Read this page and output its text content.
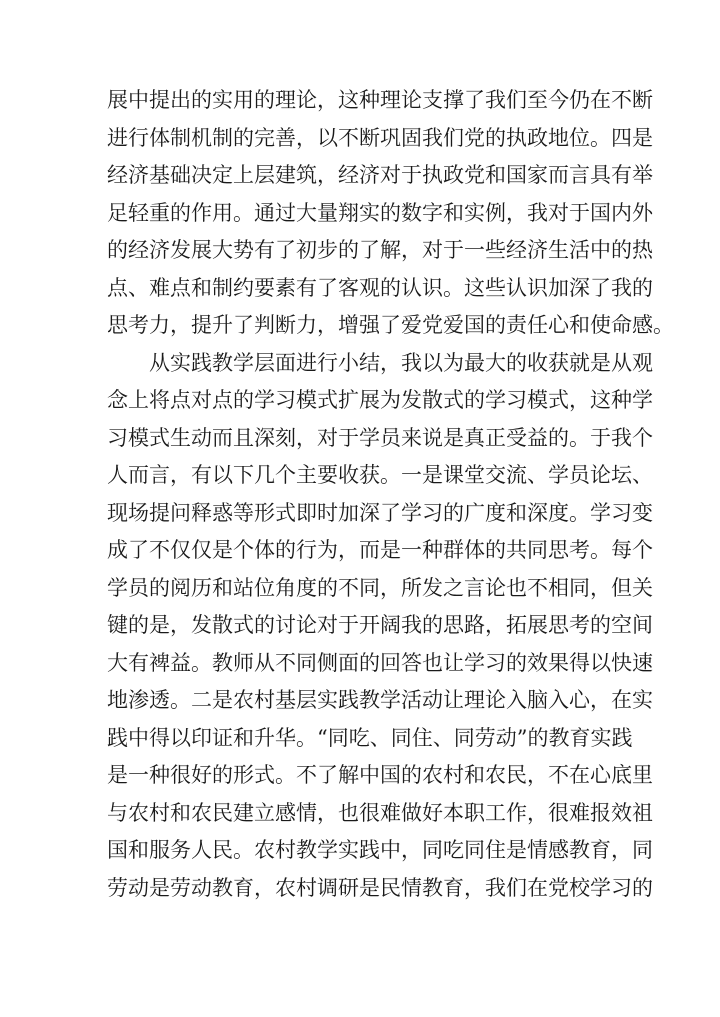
展中提出的实用的理论，这种理论支撑了我们至今仍在不断
进行体制机制的完善，以不断巩固我们党的执政地位。四是
经济基础决定上层建筑，经济对于执政党和国家而言具有举
足轻重的作用。通过大量翔实的数字和实例，我对于国内外
的经济发展大势有了初步的了解，对于一些经济生活中的热
点、难点和制约要素有了客观的认识。这些认识加深了我的
思考力，提升了判断力，增强了爱党爱国的责任心和使命感。
从实践教学层面进行小结，我以为最大的收获就是从观
念上将点对点的学习模式扩展为发散式的学习模式，这种学
习模式生动而且深刻，对于学员来说是真正受益的。于我个
人而言，有以下几个主要收获。一是课堂交流、学员论坛、
现场提问释惑等形式即时加深了学习的广度和深度。学习变
成了不仅仅是个体的行为，而是一种群体的共同思考。每个
学员的阅历和站位角度的不同，所发之言论也不相同，但关
键的是，发散式的讨论对于开阔我的思路，拓展思考的空间
大有裨益。教师从不同侧面的回答也让学习的效果得以快速
地渗透。二是农村基层实践教学活动让理论入脑入心，在实
践中得以印证和升华。“同吃、同住、同劳动”的教育实践
是一种很好的形式。不了解中国的农村和农民，不在心底里
与农村和农民建立感情，也很难做好本职工作，很难报效祖
国和服务人民。农村教学实践中，同吃同住是情感教育，同
劳动是劳动教育，农村调研是民情教育，我们在党校学习的
